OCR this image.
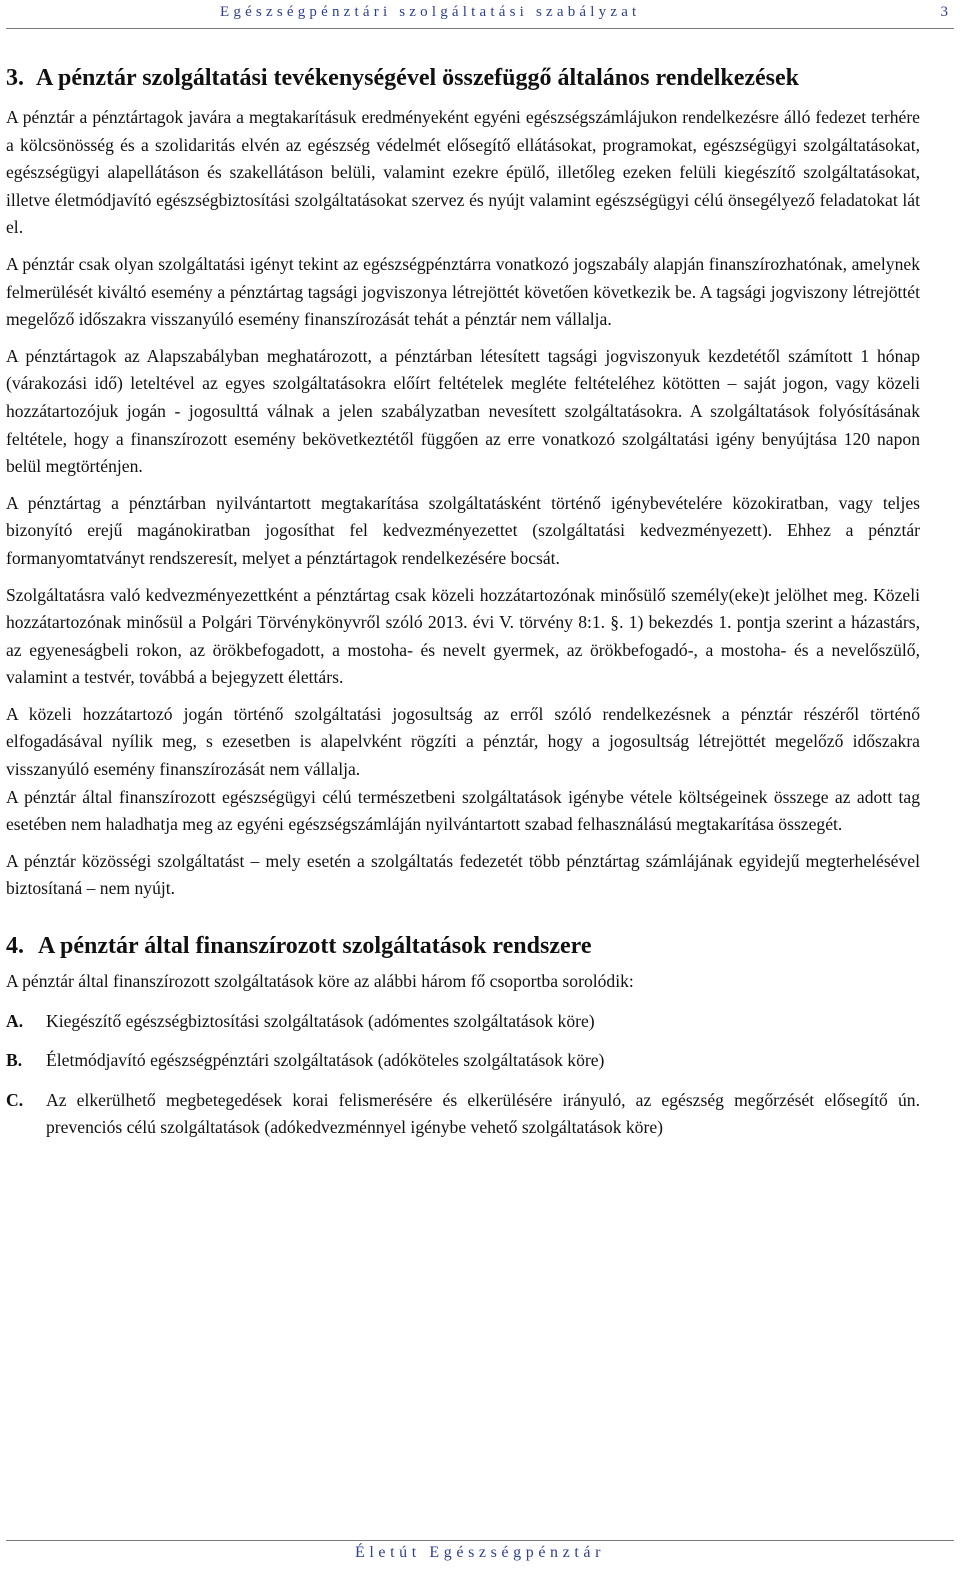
Egészségpénztári szolgáltatási szabályzat	3
3. A pénztár szolgáltatási tevékenységével összefüggő általános rendelkezések

A pénztár a pénztártagok javára a megtakarításuk eredményeként egyéni egészségszámlájukon rendelkezésre álló fedezet terhére a kölcsönösség és a szolidaritás elvén az egészség védelmét elősegítő ellátásokat, programokat, egészségügyi szolgáltatásokat, egészségügyi alapellátáson és szakellátáson belüli, valamint ezekre épülő, illetőleg ezeken felüli kiegészítő szolgáltatásokat, illetve életmódjavító egészségbiztosítási szolgáltatásokat szervez és nyújt valamint egészségügyi célú önsegélyező feladatokat lát el.

A pénztár csak olyan szolgáltatási igényt tekint az egészségpénztárra vonatkozó jogszabály alapján finanszírozhatónak, amelynek felmerülését kiváltó esemény a pénztártag tagsági jogviszonya létrejöttét követően következik be. A tagsági jogviszony létrejöttét megelőző időszakra visszanyúló esemény finanszírozását tehát a pénztár nem vállalja.

A pénztártagok az Alapszabályban meghatározott, a pénztárban létesített tagsági jogviszonyuk kezdetétől számított 1 hónap (várakozási idő) leteltével az egyes szolgáltatásokra előírt feltételek megléte feltételéhez kötötten – saját jogon, vagy közeli hozzátartozójuk jogán - jogosulttá válnak a jelen szabályzatban nevesített szolgáltatásokra. A szolgáltatások folyósításának feltétele, hogy a finanszírozott esemény bekövetkeztétől függően az erre vonatkozó szolgáltatási igény benyújtása 120 napon belül megtörténjen.

A pénztártag a pénztárban nyilvántartott megtakarítása szolgáltatásként történő igénybevételére közokiratban, vagy teljes bizonyító erejű magánokiratban jogosíthat fel kedvezményezettet (szolgáltatási kedvezményezett). Ehhez a pénztár formanyomtatványt rendszeresít, melyet a pénztártagok rendelkezésére bocsát.

Szolgáltatásra való kedvezményezettként a pénztártag csak közeli hozzátartozónak minősülő személy(eke)t jelölhet meg. Közeli hozzátartozónak minősül a Polgári Törvénykönyvről szóló 2013. évi V. törvény 8:1. §. 1) bekezdés 1. pontja szerint a házastárs, az egyeneságbeli rokon, az örökbefogadott, a mostoha- és nevelt gyermek, az örökbefogadó-, a mostoha- és a nevelőszülő, valamint a testvér, továbbá a bejegyzett élettárs.

A közeli hozzátartozó jogán történő szolgáltatási jogosultság az erről szóló rendelkezésnek a pénztár részéről történő elfogadásával nyílik meg, s ezesetben is alapelvként rögzíti a pénztár, hogy a jogosultság létrejöttét megelőző időszakra visszanyúló esemény finanszírozását nem vállalja.

A pénztár által finanszírozott egészségügyi célú természetbeni szolgáltatások igénybe vétele költségeinek összege az adott tag esetében nem haladhatja meg az egyéni egészségszámláján nyilvántartott szabad felhasználású megtakarítása összegét.

A pénztár közösségi szolgáltatást – mely esetén a szolgáltatás fedezetét több pénztártag számlájának egyidejű megterhelésével biztosítaná – nem nyújt.

4. A pénztár által finanszírozott szolgáltatások rendszere

A pénztár által finanszírozott szolgáltatások köre az alábbi három fő csoportba sorolódik:

A.	Kiegészítő egészségbiztosítási szolgáltatások (adómentes szolgáltatások köre)
B.	Életmódjavító egészségpénztári szolgáltatások (adóköteles szolgáltatások köre)
C.	Az elkerülhető megbetegedések korai felismerésére és elkerülésére irányuló, az egészség megőrzését elősegítő ún. prevenciós célú szolgáltatások (adókedvezménnyel igénybe vehető szolgáltatások köre)
Életút Egészségpénztár
